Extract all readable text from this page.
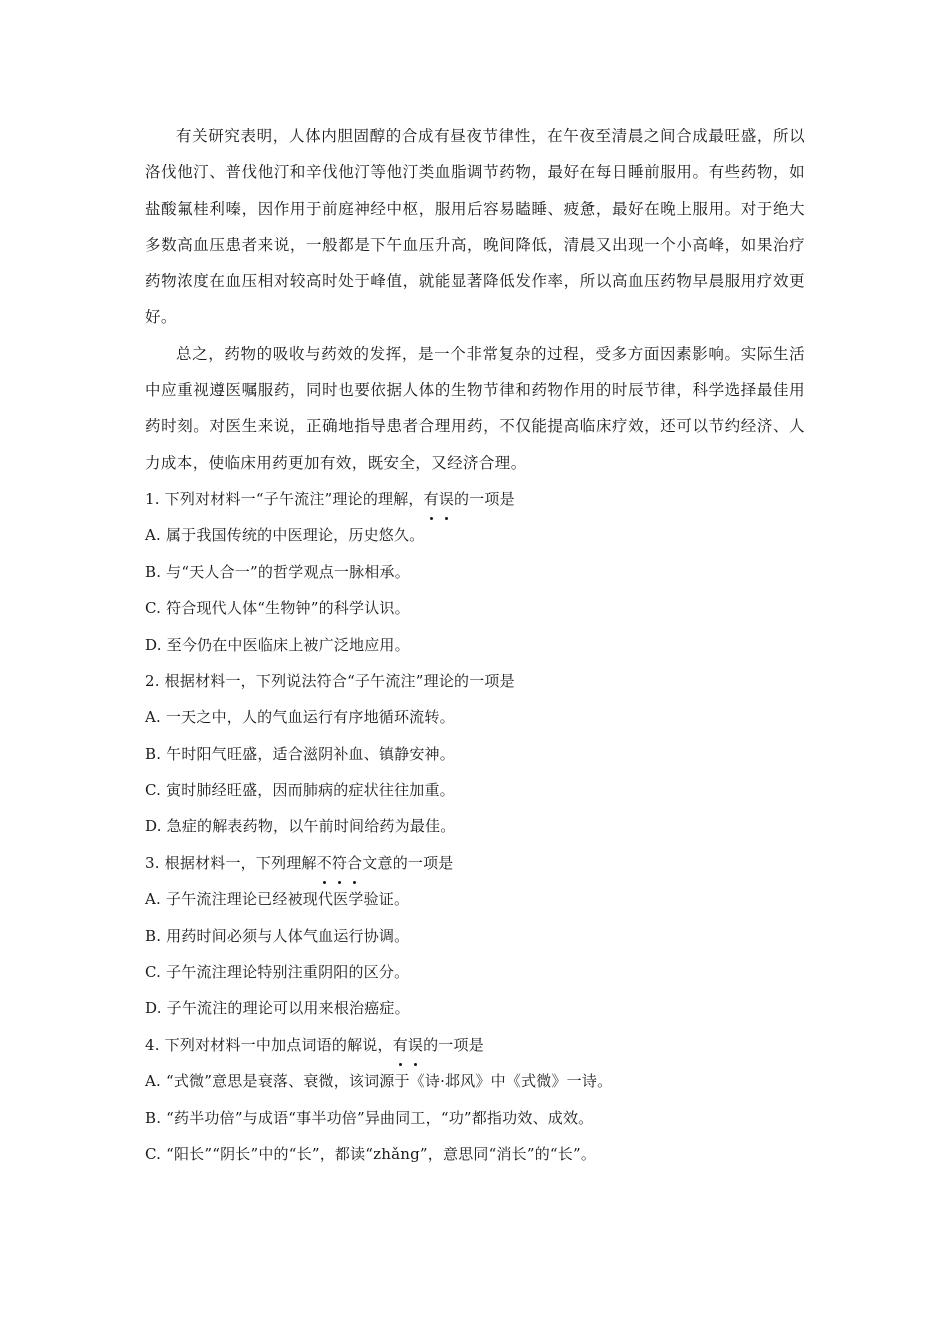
有关研究表明，人体内胆固醇的合成有昼夜节律性，在午夜至清晨之间合成最旺盛，所以洛伐他汀、普伐他汀和辛伐他汀等他汀类血脂调节药物，最好在每日睡前服用。有些药物，如盐酸氟桂利嗪，因作用于前庭神经中枢，服用后容易瞌睡、疲惫，最好在晚上服用。对于绝大多数高血压患者来说，一般都是下午血压升高，晚间降低，清晨又出现一个小高峰，如果治疗药物浓度在血压相对较高时处于峰值，就能显著降低发作率，所以高血压药物早晨服用疗效更好。

总之，药物的吸收与药效的发挥，是一个非常复杂的过程，受多方面因素影响。实际生活中应重视遵医嘱服药，同时也要依据人体的生物节律和药物作用的时辰节律，科学选择最佳用药时刻。对医生来说，正确地指导患者合理用药，不仅能提高临床疗效，还可以节约经济、人力成本，使临床用药更加有效，既安全，又经济合理。

1. 下列对材料一“子午流注”理论的理解，有误的一项是

A. 属于我国传统的中医理论，历史悠久。

B. 与“天人合一”的哲学观点一脉相承。

C. 符合现代人体“生物钟”的科学认识。

D. 至今仍在中医临床上被广泛地应用。

2. 根据材料一，下列说法符合“子午流注”理论的一项是

A. 一天之中，人的气血运行有序地循环流转。

B. 午时阳气旺盛，适合滋阴补血、镇静安神。

C. 寅时肺经旺盛，因而肺病的症状往往加重。

D. 急症的解表药物，以午前时间给药为最佳。

3. 根据材料一，下列理解不符合文意的一项是

A. 子午流注理论已经被现代医学验证。

B. 用药时间必须与人体气血运行协调。

C. 子午流注理论特别注重阴阳的区分。

D. 子午流注的理论可以用来根治癌症。

4. 下列对材料一中加点词语的解说，有误的一项是

A. “式微”意思是衰落、衰微，该词源于《诗·邶风》中《式微》一诗。

B. “药半功倍”与成语“事半功倍”异曲同工，“功”都指功效、成效。

C. “阳长”“阴长”中的“长”，都读“zhǎng”，意思同“消长”的“长”。
